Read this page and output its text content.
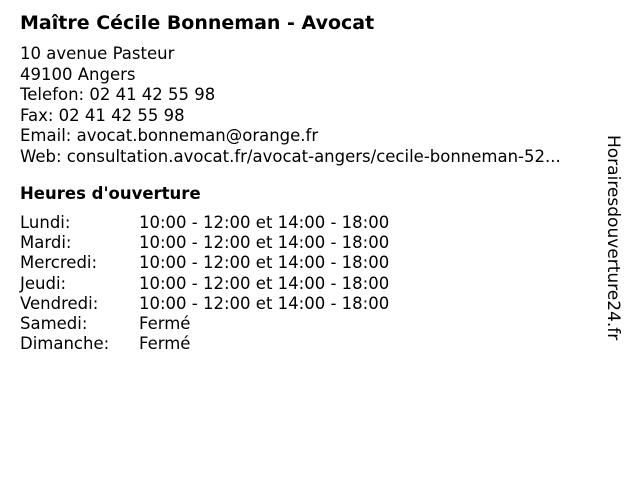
Maître Cécile Bonneman - Avocat
10 avenue Pasteur
49100 Angers
Telefon: 02 41 42 55 98
Fax: 02 41 42 55 98
Email: avocat.bonneman@orange.fr
Web: consultation.avocat.fr/avocat-angers/cecile-bonneman-52...
Heures d'ouverture
Lundi:	10:00 - 12:00 et 14:00 - 18:00
Mardi:	10:00 - 12:00 et 14:00 - 18:00
Mercredi:	10:00 - 12:00 et 14:00 - 18:00
Jeudi:	10:00 - 12:00 et 14:00 - 18:00
Vendredi:	10:00 - 12:00 et 14:00 - 18:00
Samedi:	Fermé
Dimanche:	Fermé
Horairesdouverture24.fr
